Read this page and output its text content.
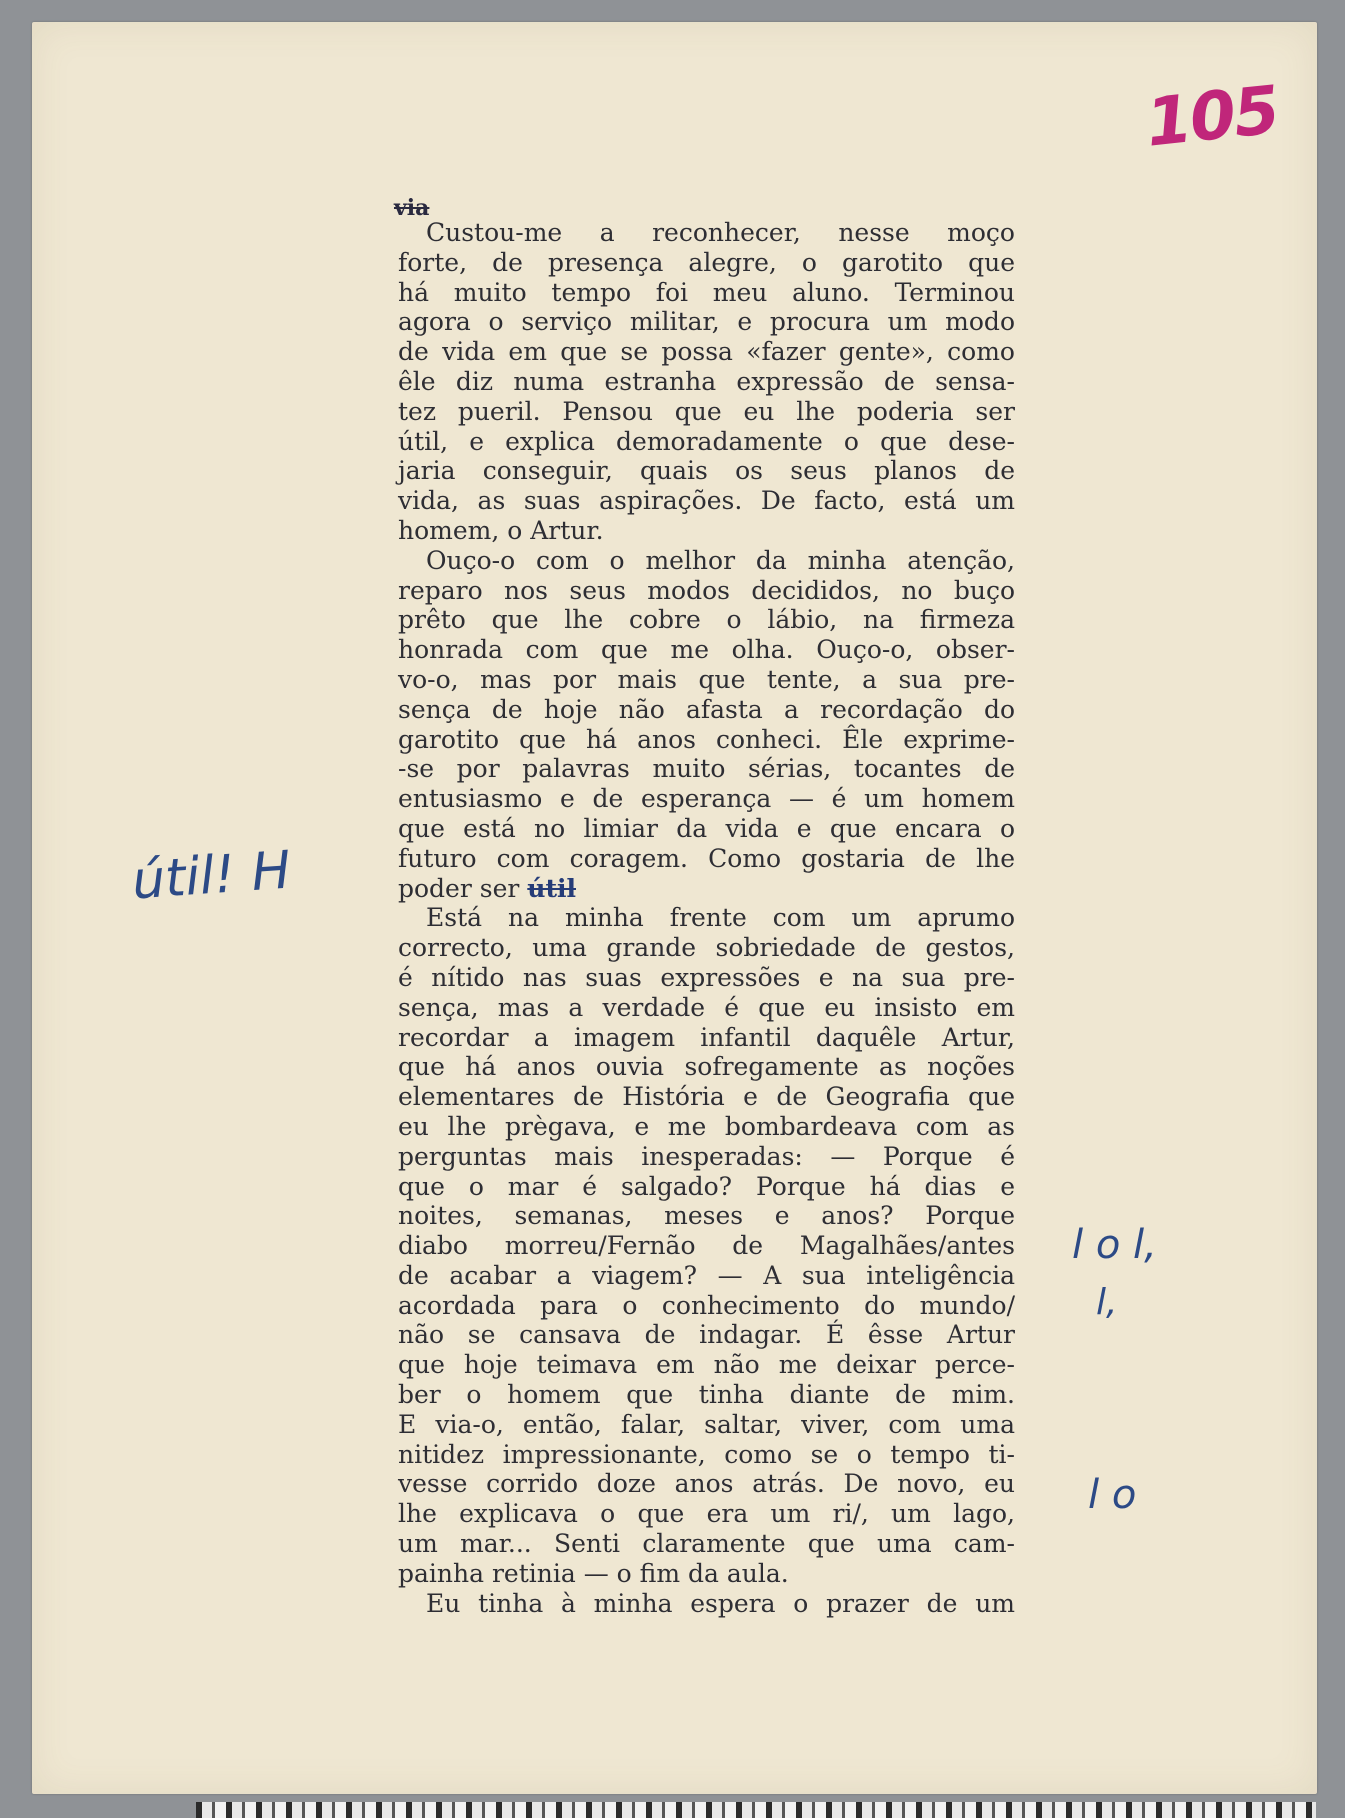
105
via
Custou-me a reconhecer, nesse moço
forte, de presença alegre, o garotito que
há muito tempo foi meu aluno. Terminou
agora o serviço militar, e procura um modo
de vida em que se possa «fazer gente», como
êle diz numa estranha expressão de sensa-
tez pueril. Pensou que eu lhe poderia ser
útil, e explica demoradamente o que dese-
jaria conseguir, quais os seus planos de
vida, as suas aspirações. De facto, está um
homem, o Artur.
Ouço-o com o melhor da minha atenção,
reparo nos seus modos decididos, no buço
prêto que lhe cobre o lábio, na firmeza
honrada com que me olha. Ouço-o, obser-
vo-o, mas por mais que tente, a sua pre-
sença de hoje não afasta a recordação do
garotito que há anos conheci. Êle exprime-
-se por palavras muito sérias, tocantes de
entusiasmo e de esperança — é um homem
que está no limiar da vida e que encara o
futuro com coragem. Como gostaria de lhe
poder ser útil
Está na minha frente com um aprumo
correcto, uma grande sobriedade de gestos,
é nítido nas suas expressões e na sua pre-
sença, mas a verdade é que eu insisto em
recordar a imagem infantil daquêle Artur,
que há anos ouvia sofregamente as noções
elementares de História e de Geografia que
eu lhe prègava, e me bombardeava com as
perguntas mais inesperadas: — Porque é
que o mar é salgado? Porque há dias e
noites, semanas, meses e anos? Porque
diabo morreu/Fernão de Magalhães/antes
de acabar a viagem? — A sua inteligência
acordada para o conhecimento do mundo/
não se cansava de indagar. É êsse Artur
que hoje teimava em não me deixar perce-
ber o homem que tinha diante de mim.
E via-o, então, falar, saltar, viver, com uma
nitidez impressionante, como se o tempo ti-
vesse corrido doze anos atrás. De novo, eu
lhe explicava o que era um ri/, um lago,
um mar... Senti claramente que uma cam-
painha retinia — o fim da aula.
Eu tinha à minha espera o prazer de um
útil! H
l o l,
l,
l o
